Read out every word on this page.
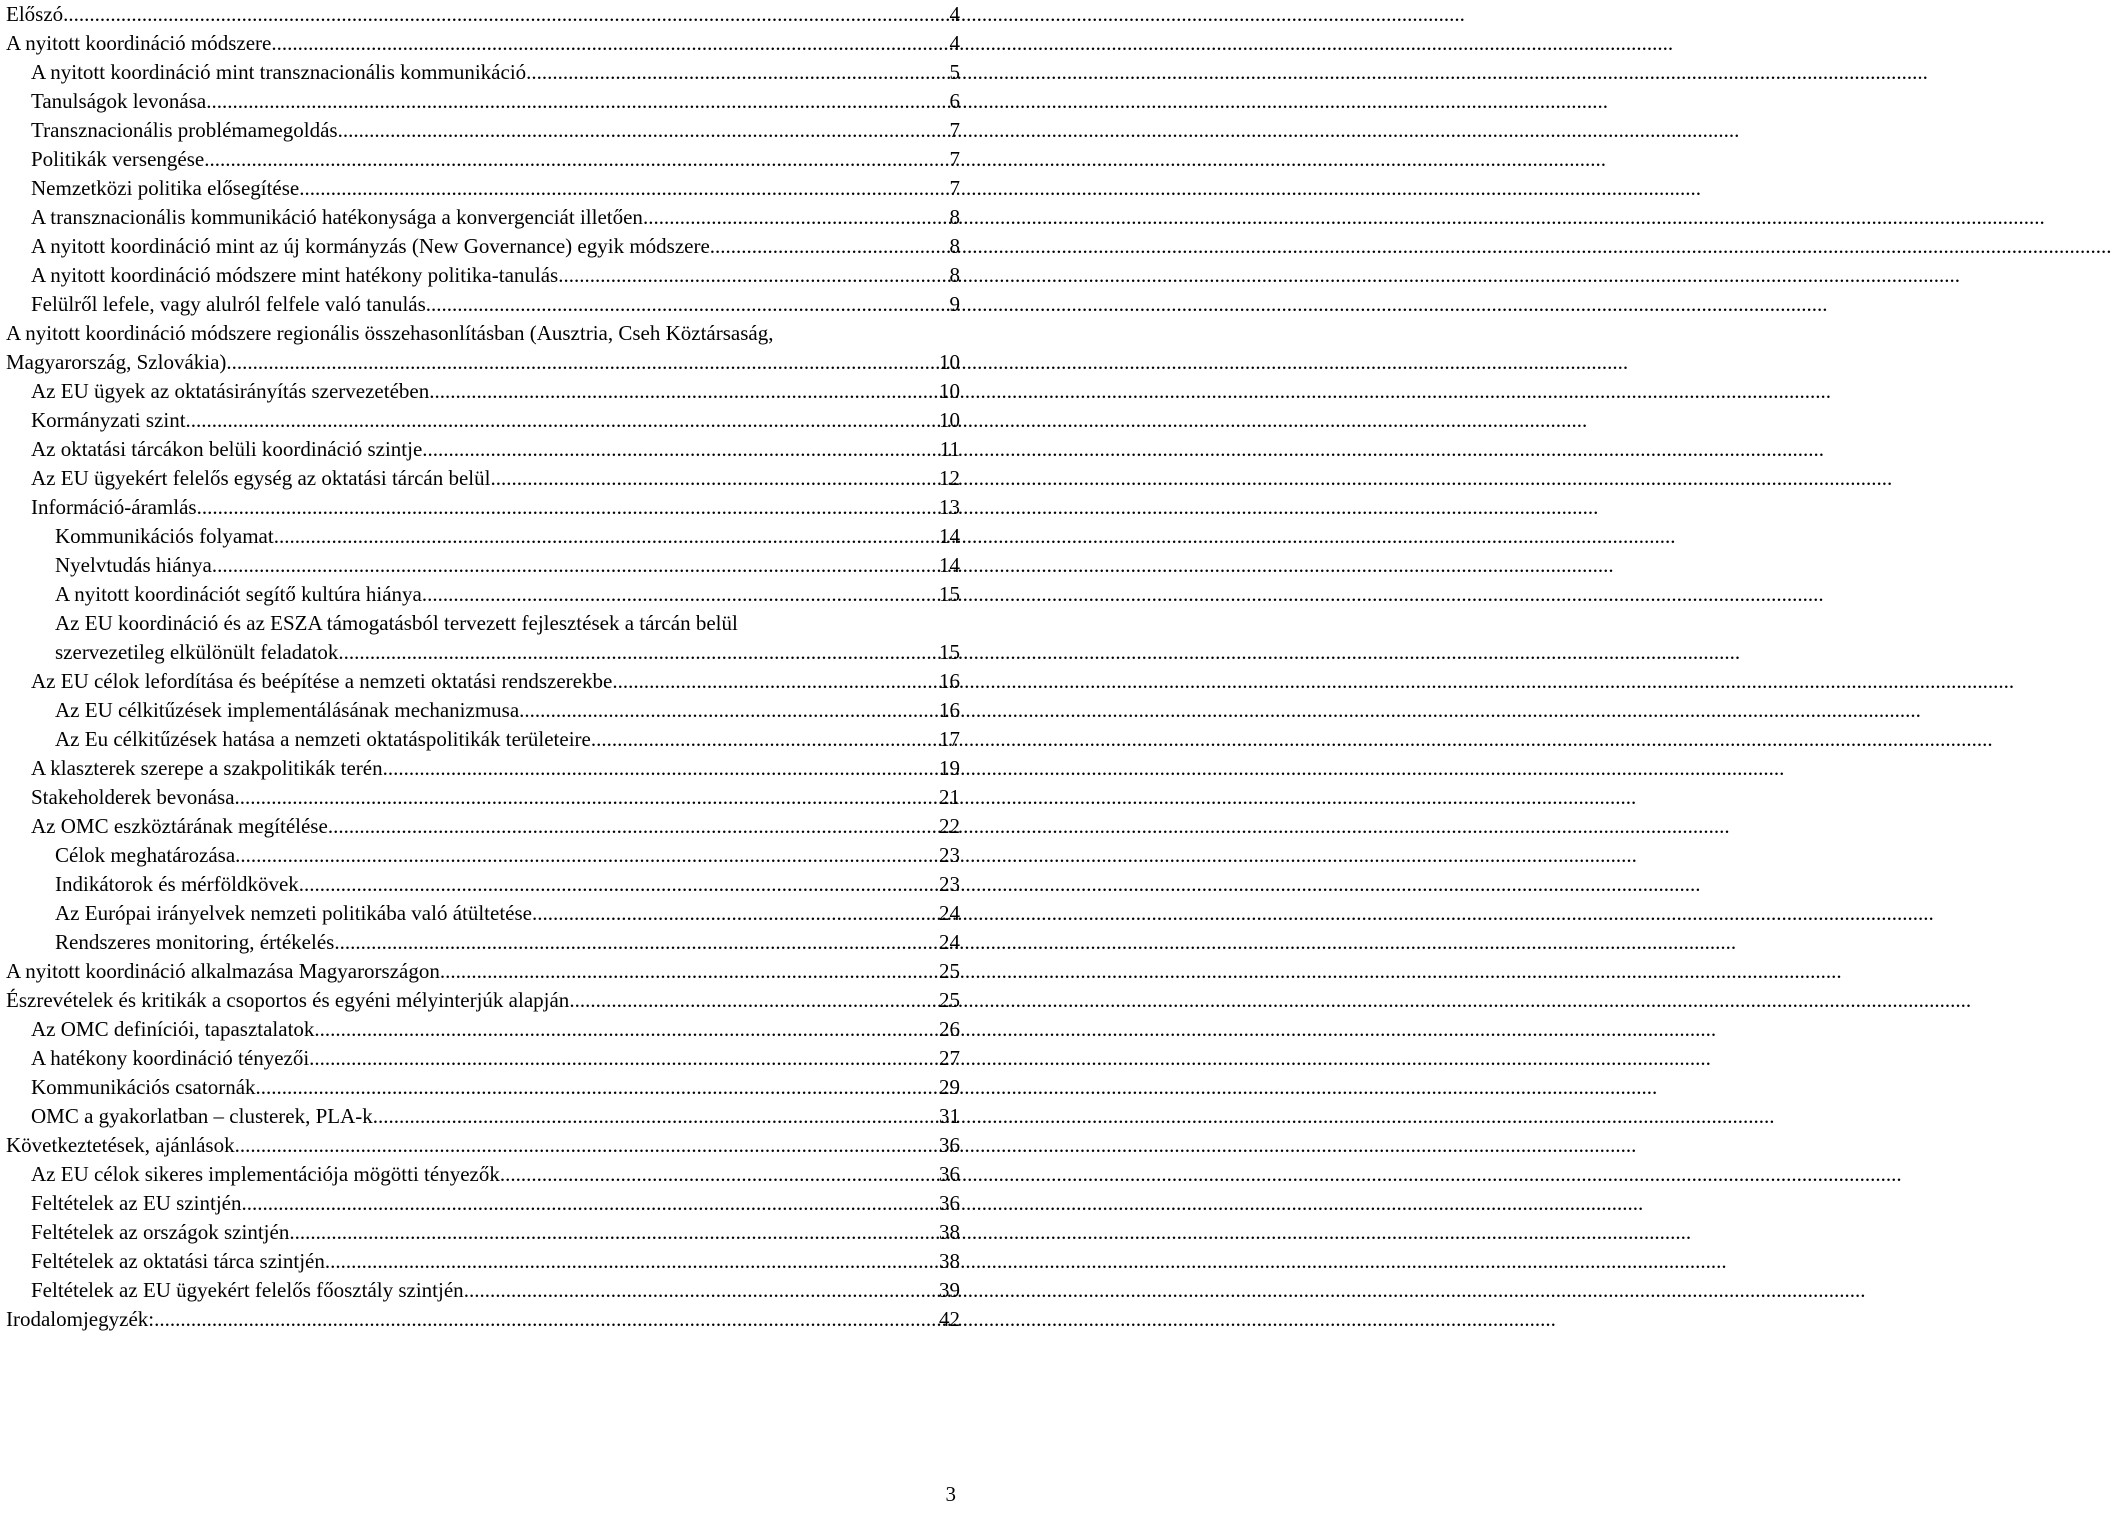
Előszó .....	4
A nyitott koordináció módszere .....	4
A nyitott koordináció mint transznacionális kommunikáció .....	5
Tanulságok levonása .....	6
Transznacionális problémamegoldás .....	7
Politikák versengése .....	7
Nemzetközi politika elősegítése .....	7
A transznacionális kommunikáció hatékonysága a konvergenciát illetően .....	8
A nyitott koordináció mint az új kormányzás (New Governance) egyik módszere .....	8
A nyitott koordináció módszere mint hatékony politika-tanulás .....	8
Felülről lefele, vagy alulról felfele való tanulás .....	9
A nyitott koordináció módszere regionális összehasonlításban (Ausztria, Cseh Köztársaság,
Magyarország, Szlovákia) .....	10
Az EU ügyek az oktatásirányítás szervezetében .....	10
Kormányzati szint .....	10
Az oktatási tárcákon belüli koordináció szintje .....	11
Az EU ügyekért felelős egység az oktatási tárcán belül .....	12
Információ-áramlás .....	13
Kommunikációs folyamat .....	14
Nyelvtudás hiánya .....	14
A nyitott koordinációt segítő kultúra hiánya .....	15
Az EU koordináció és az ESZA támogatásból tervezett fejlesztések a tárcán belül
szervezetileg elkülönült feladatok .....	15
Az EU célok lefordítása és beépítése a nemzeti oktatási rendszerekbe .....	16
Az EU célkitűzések implementálásának mechanizmusa .....	16
Az Eu célkitűzések hatása a nemzeti oktatáspolitikák területeire .....	17
A klaszterek szerepe a szakpolitikák terén .....	19
Stakeholderek bevonása .....	21
Az OMC eszköztárának megítélése .....	22
Célok meghatározása .....	23
Indikátorok és mérföldkövek .....	23
Az Európai irányelvek nemzeti politikába való átültetése .....	24
Rendszeres monitoring, értékelés .....	24
A nyitott koordináció alkalmazása Magyarországon .....	25
Észrevételek és kritikák a csoportos és egyéni mélyinterjúk alapján .....	25
Az OMC definíciói, tapasztalatok .....	26
A hatékony koordináció tényezői .....	27
Kommunikációs csatornák .....	29
OMC a gyakorlatban – clusterek, PLA-k .....	31
Következtetések, ajánlások .....	36
Az EU célok sikeres implementációja mögötti tényezők .....	36
Feltételek az EU szintjén .....	36
Feltételek az országok szintjén .....	38
Feltételek az oktatási tárca szintjén .....	38
Feltételek az EU ügyekért felelős főosztály szintjén .....	39
Irodalomjegyzék: .....	42
3
